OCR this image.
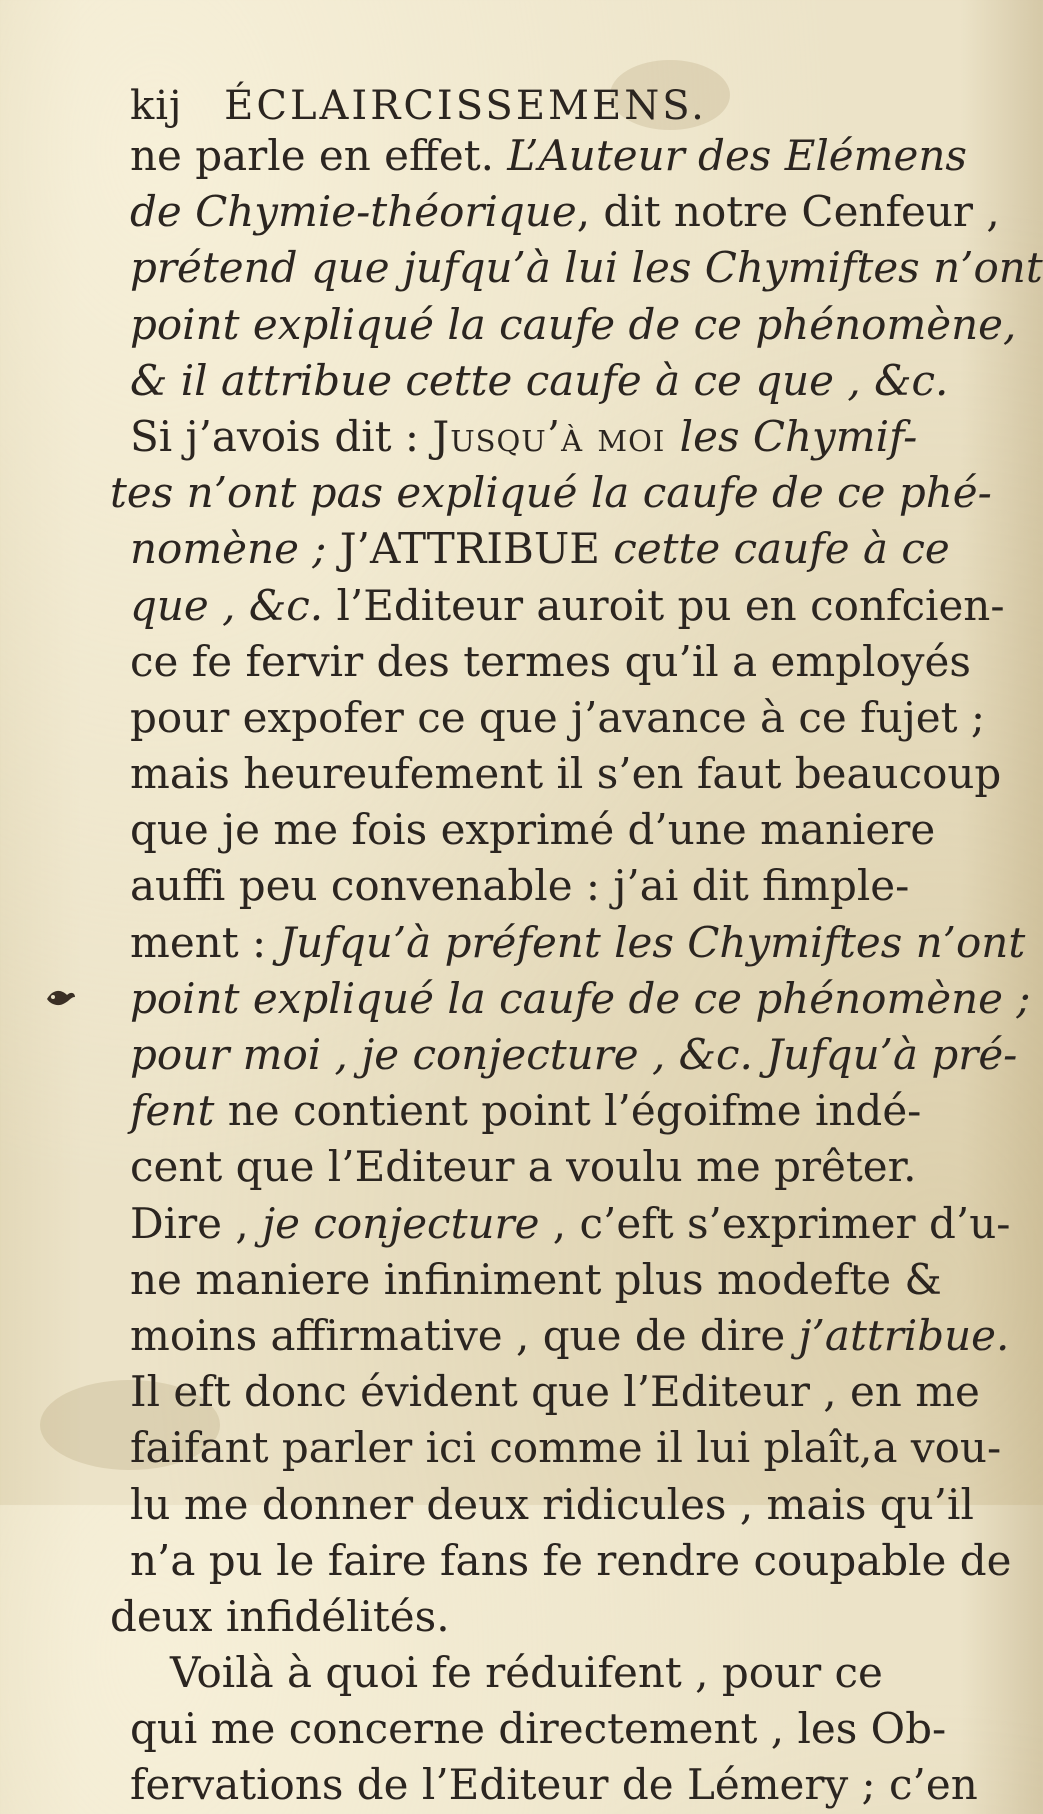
kij ÉCLAIRCISSEMENS.
ne parle en effet. L’Auteur des Elémens
de Chymie-théorique, dit notre Cenfeur ,
prétend que jufqu’à lui les Chymiftes n’ont
point expliqué la caufe de ce phénomène,
& il attribue cette caufe à ce que , &c.
Si j’avois dit : Jusqu’à moi les Chymif-
tes n’ont pas expliqué la caufe de ce phé-
nomène ; J’ATTRIBUE cette caufe à ce
que , &c. l’Editeur auroit pu en confcien-
ce fe fervir des termes qu’il a employés
pour expofer ce que j’avance à ce fujet ;
mais heureufement il s’en faut beaucoup
que je me fois exprimé d’une maniere
auffi peu convenable : j’ai dit fimple-
ment : Jufqu’à préfent les Chymiftes n’ont
point expliqué la caufe de ce phénomène ;
pour moi , je conjecture , &c. Jufqu’à pré-
fent ne contient point l’égoifme indé-
cent que l’Editeur a voulu me prêter.
Dire , je conjecture , c’eft s’exprimer d’u-
ne maniere infiniment plus modefte &
moins affirmative , que de dire j’attribue.
Il eft donc évident que l’Editeur , en me
faifant parler ici comme il lui plaît,a vou-
lu me donner deux ridicules , mais qu’il
n’a pu le faire fans fe rendre coupable de
deux infidélités.
Voilà à quoi fe réduifent , pour ce
qui me concerne directement , les Ob-
fervations de l’Editeur de Lémery ; c’en
